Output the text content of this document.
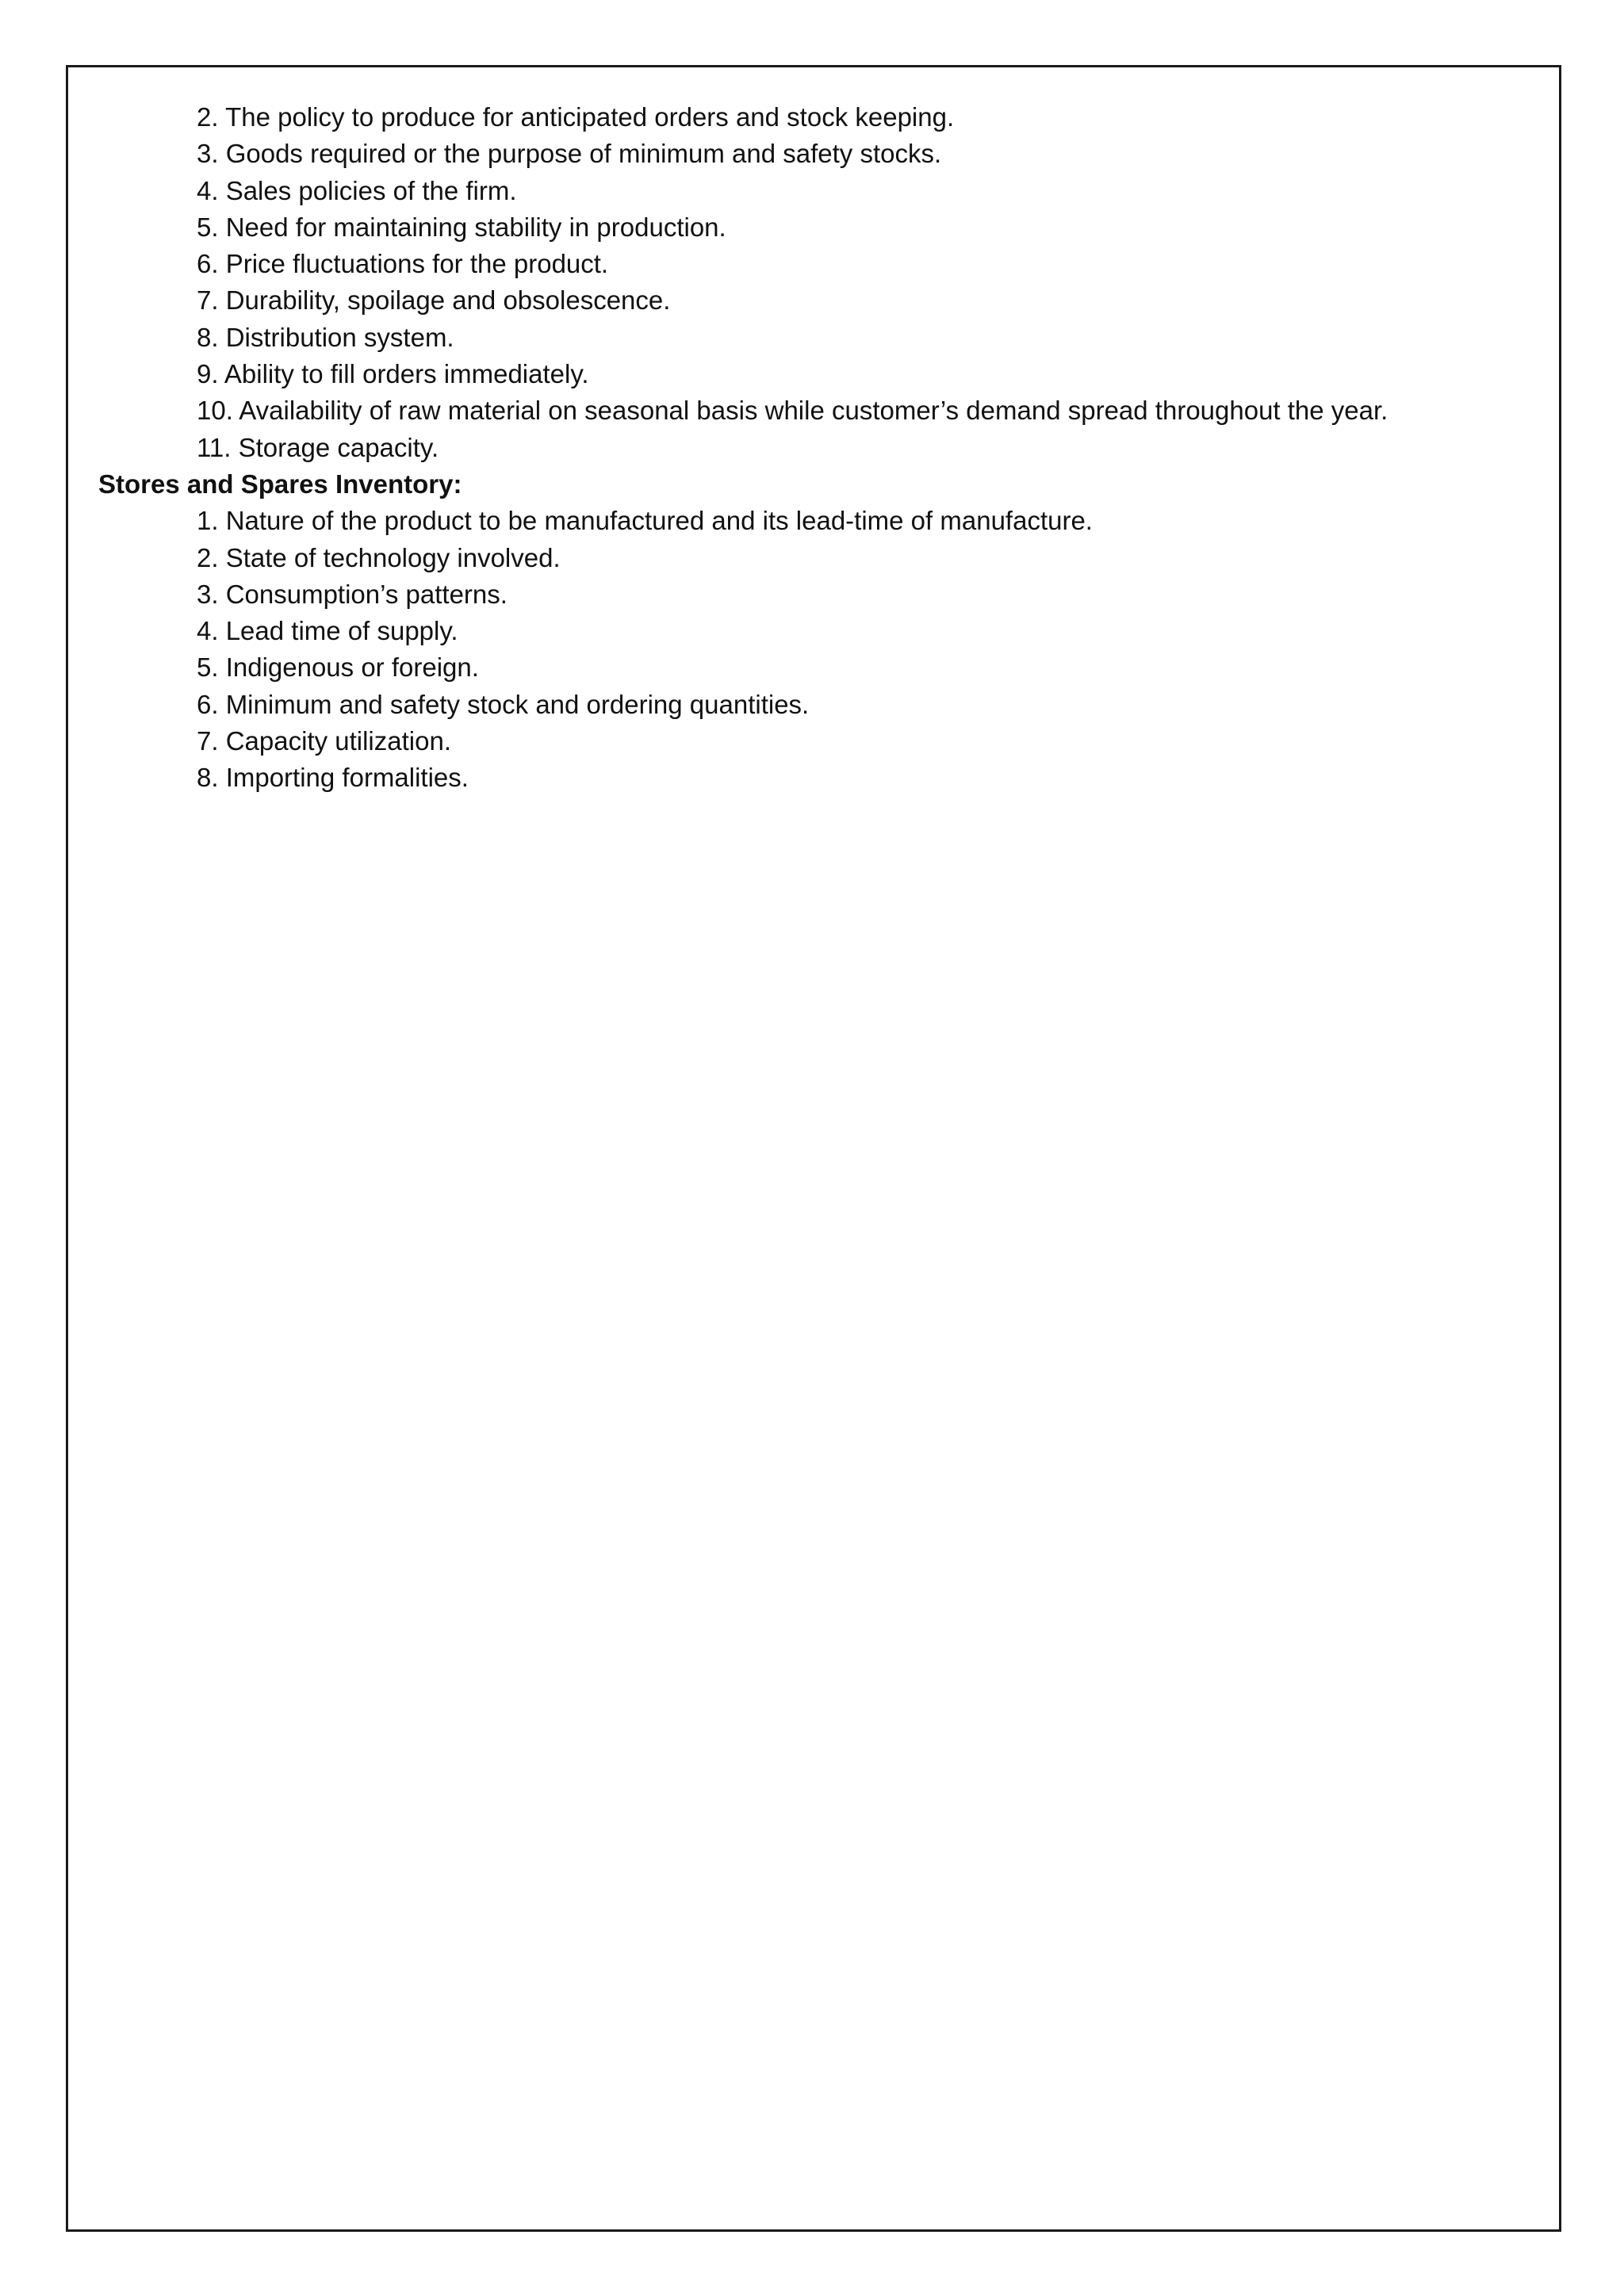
2. The policy to produce for anticipated orders and stock keeping.
3. Goods required or the purpose of minimum and safety stocks.
4. Sales policies of the firm.
5. Need for maintaining stability in production.
6. Price fluctuations for the product.
7. Durability, spoilage and obsolescence.
8. Distribution system.
9. Ability to fill orders immediately.
10. Availability of raw material on seasonal basis while customer’s demand spread throughout the year.
11. Storage capacity.

Stores and Spares Inventory:

1. Nature of the product to be manufactured and its lead-time of manufacture.
2. State of technology involved.
3. Consumption’s patterns.
4. Lead time of supply.
5. Indigenous or foreign.
6. Minimum and safety stock and ordering quantities.
7. Capacity utilization.
8. Importing formalities.
